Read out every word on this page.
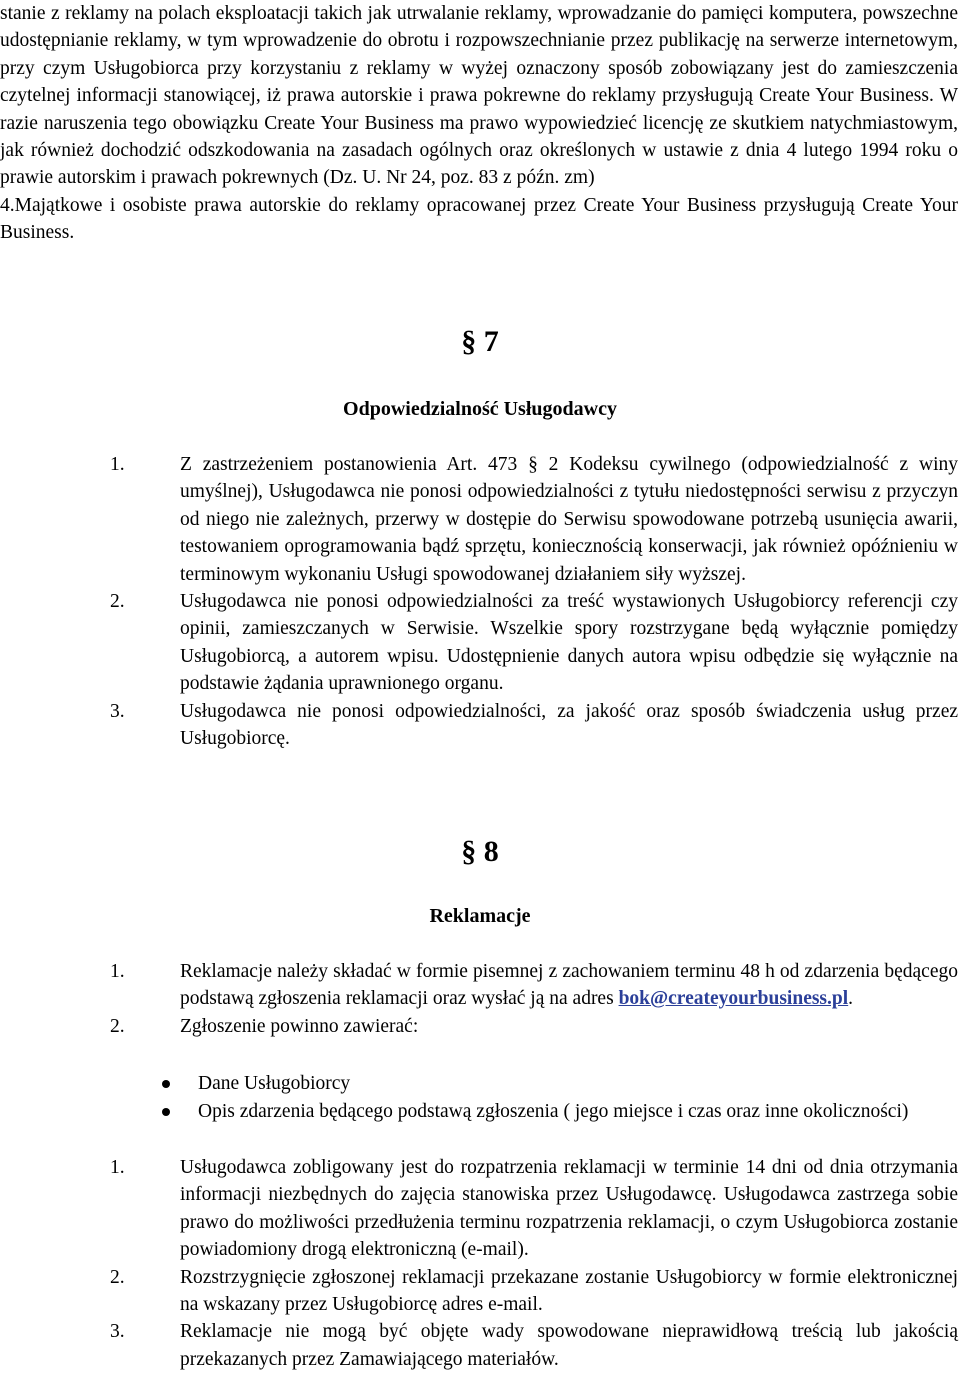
stanie z reklamy na polach eksploatacji takich jak utrwalanie reklamy, wprowadzanie do pamięci komputera, powszechne udostępnianie reklamy, w tym wprowadzenie do obrotu i rozpowszechnianie przez publikację na serwerze internetowym, przy czym Usługobiorca przy korzystaniu z reklamy w wyżej oznaczony sposób zobowiązany jest do zamieszczenia czytelnej informacji stanowiącej, iż prawa autorskie i prawa pokrewne do reklamy przysługują Create Your Business. W razie naruszenia tego obowiązku Create Your Business ma prawo wypowiedzieć licencję ze skutkiem natychmiastowym, jak również dochodzić odszkodowania na zasadach ogólnych oraz określonych w ustawie z dnia 4 lutego 1994 roku o prawie autorskim i prawach pokrewnych (Dz. U. Nr 24, poz. 83 z późn. zm)

4.Majątkowe i osobiste prawa autorskie do reklamy opracowanej przez Create Your Business przysługują Create Your Business.

§ 7
Odpowiedzialność Usługodawcy
1.	Z zastrzeżeniem postanowienia Art. 473 § 2 Kodeksu cywilnego (odpowiedzialność z winy umyślnej), Usługodawca nie ponosi odpowiedzialności z tytułu niedostępności serwisu z przyczyn od niego nie zależnych, przerwy w dostępie do Serwisu spowodowane potrzebą usunięcia awarii, testowaniem oprogramowania bądź sprzętu, koniecznością konserwacji, jak również opóźnieniu w terminowym wykonaniu Usługi spowodowanej działaniem siły wyższej.
2.	Usługodawca nie ponosi odpowiedzialności za treść wystawionych Usługobiorcy referencji czy opinii, zamieszczanych w Serwisie. Wszelkie spory rozstrzygane będą wyłącznie pomiędzy Usługobiorcą, a autorem wpisu. Udostępnienie danych autora wpisu odbędzie się wyłącznie na podstawie żądania uprawnionego organu.
3.	Usługodawca nie ponosi odpowiedzialności, za jakość oraz sposób świadczenia usług przez Usługobiorcę.
§ 8
Reklamacje
1.	Reklamacje należy składać w formie pisemnej z zachowaniem terminu 48 h od zdarzenia będącego podstawą zgłoszenia reklamacji oraz wysłać ją na adres bok@createyourbusiness.pl.
2.	Zgłoszenie powinno zawierać:
Dane Usługobiorcy
Opis zdarzenia będącego podstawą zgłoszenia ( jego miejsce i czas oraz inne okoliczności)
1.	Usługodawca zobligowany jest do rozpatrzenia reklamacji w terminie 14 dni od dnia otrzymania informacji niezbędnych do zajęcia stanowiska przez Usługodawcę. Usługodawca zastrzega sobie prawo do możliwości przedłużenia terminu rozpatrzenia reklamacji, o czym Usługobiorca zostanie powiadomiony drogą elektroniczną (e-mail).
2.	Rozstrzygnięcie zgłoszonej reklamacji przekazane zostanie Usługobiorcy w formie elektronicznej na wskazany przez Usługobiorcę adres e-mail.
3.	Reklamacje nie mogą być objęte wady spowodowane nieprawidłową treścią lub jakością przekazanych przez Zamawiającego materiałów.
